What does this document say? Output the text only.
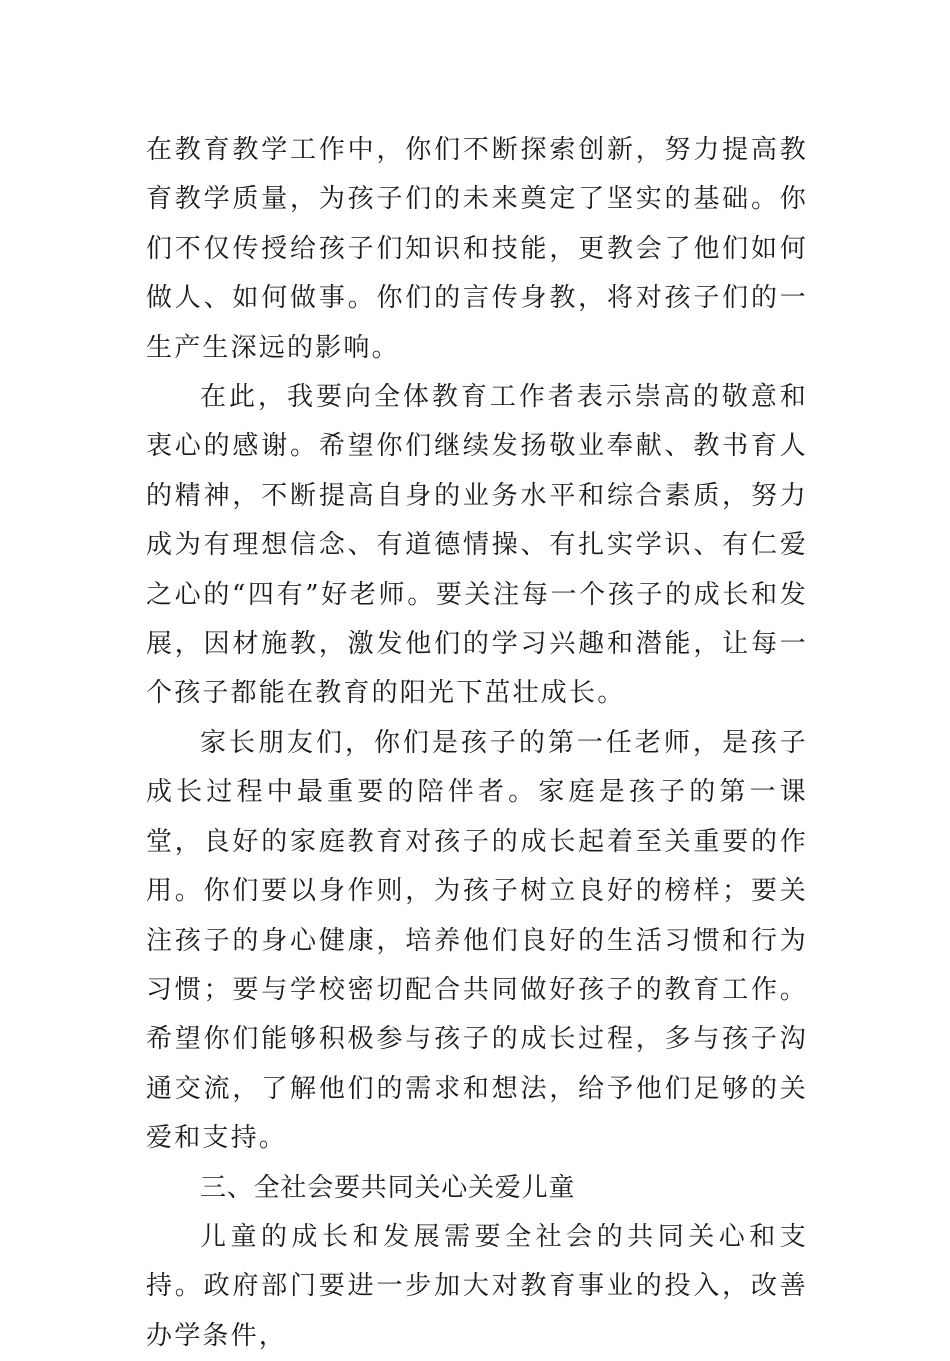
在教育教学工作中，你们不断探索创新，努力提高教育教学质量，为孩子们的未来奠定了坚实的基础。你们不仅传授给孩子们知识和技能，更教会了他们如何做人、如何做事。你们的言传身教，将对孩子们的一生产生深远的影响。

在此，我要向全体教育工作者表示崇高的敬意和衷心的感谢。希望你们继续发扬敬业奉献、教书育人的精神，不断提高自身的业务水平和综合素质，努力成为有理想信念、有道德情操、有扎实学识、有仁爱之心的“四有”好老师。要关注每一个孩子的成长和发展，因材施教，激发他们的学习兴趣和潜能，让每一个孩子都能在教育的阳光下茁壮成长。

家长朋友们，你们是孩子的第一任老师，是孩子成长过程中最重要的陪伴者。家庭是孩子的第一课堂，良好的家庭教育对孩子的成长起着至关重要的作用。你们要以身作则，为孩子树立良好的榜样；要关注孩子的身心健康，培养他们良好的生活习惯和行为习惯；要与学校密切配合共同做好孩子的教育工作。希望你们能够积极参与孩子的成长过程，多与孩子沟通交流，了解他们的需求和想法，给予他们足够的关爱和支持。

三、全社会要共同关心关爱儿童

儿童的成长和发展需要全社会的共同关心和支持。政府部门要进一步加大对教育事业的投入，改善办学条件，
